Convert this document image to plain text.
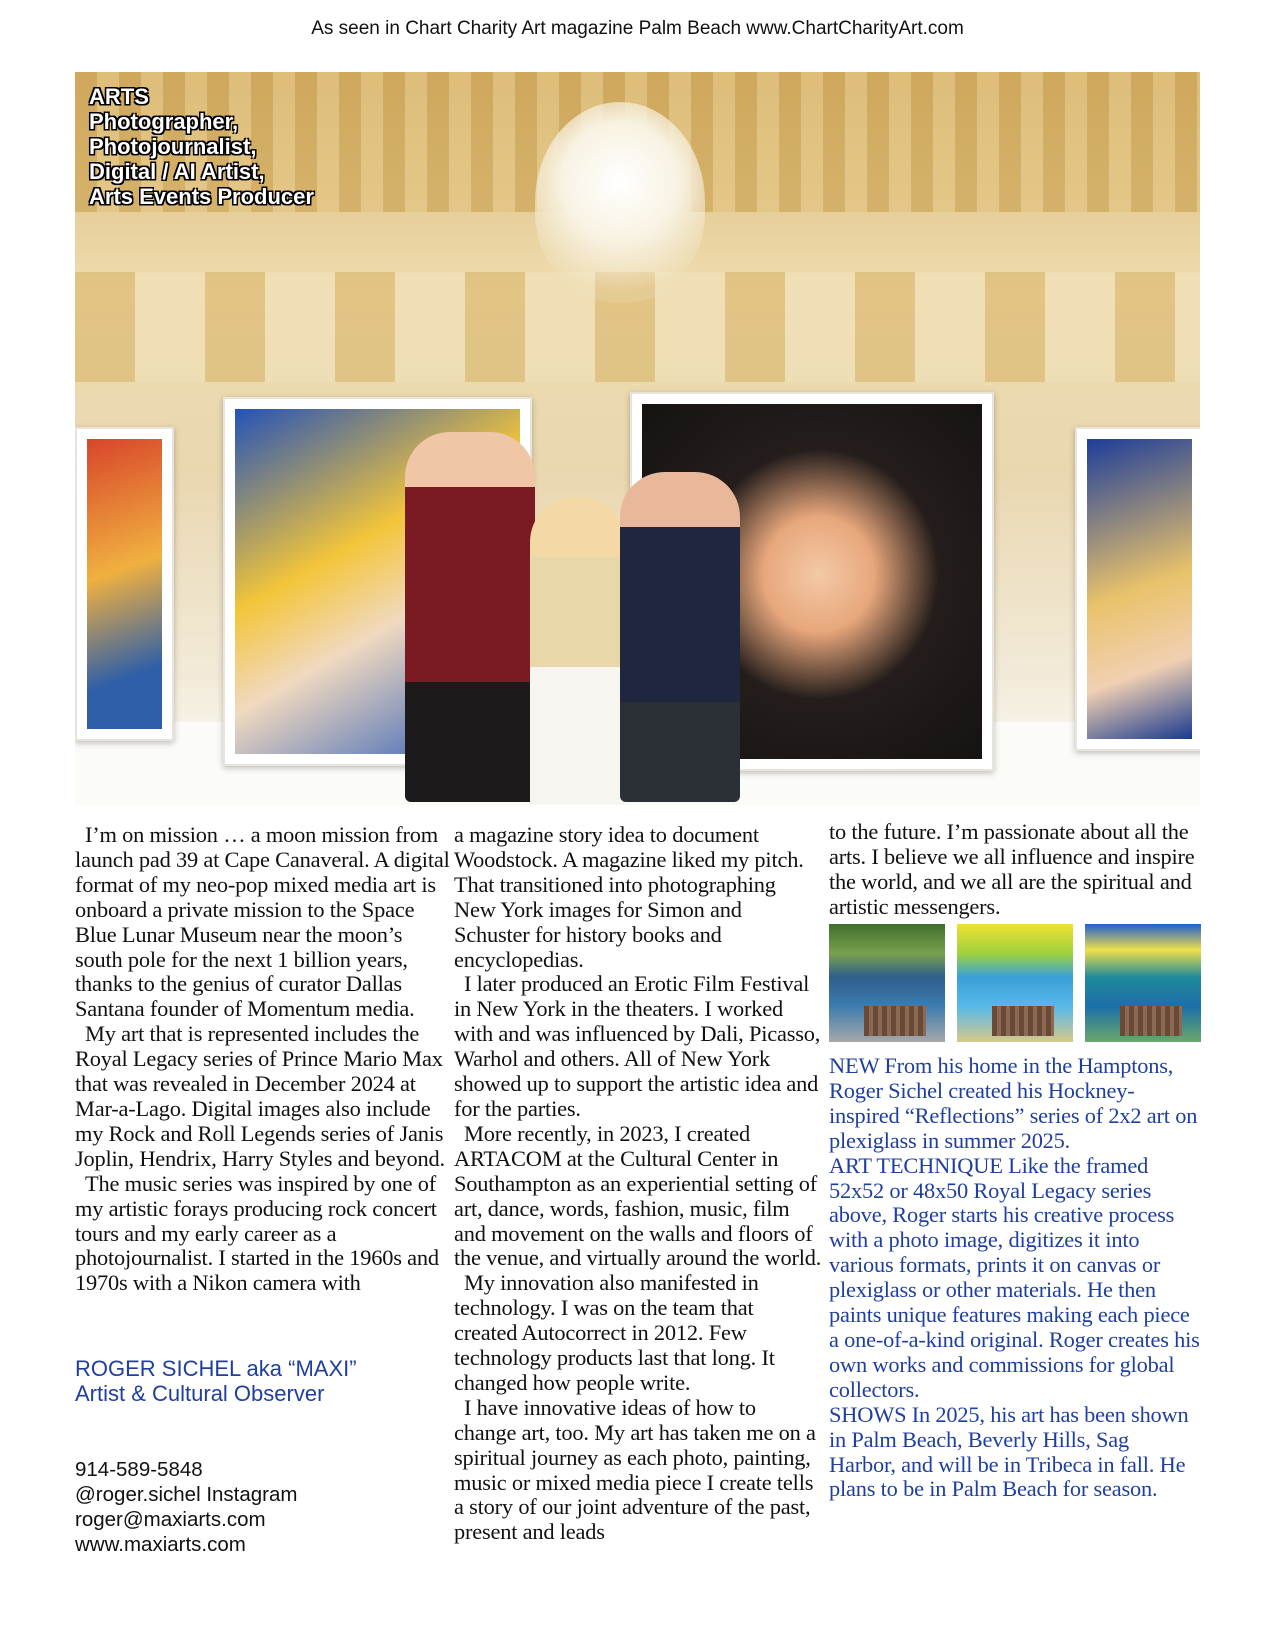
As seen in Chart Charity Art magazine Palm Beach www.ChartCharityArt.com
ARTS
Photographer,
Photojournalist,
Digital / AI Artist,
Arts Events Producer

I’m on mission … a moon mission from launch pad 39 at Cape Canaveral. A digital format of my neo-pop mixed media art is onboard a private mission to the Space Blue Lunar Museum near the moon’s south pole for the next 1 billion years, thanks to the genius of curator Dallas Santana founder of Momentum media.

My art that is represented includes the Royal Legacy series of Prince Mario Max that was revealed in December 2024 at Mar-a-Lago. Digital images also include my Rock and Roll Legends series of Janis Joplin, Hendrix, Harry Styles and beyond.

The music series was inspired by one of my artistic forays producing rock concert tours and my early career as a photojournalist. I started in the 1960s and 1970s with a Nikon camera with

ROGER SICHEL aka “MAXI”
Artist & Cultural Observer
914-589-5848
@roger.sichel Instagram
roger@maxiarts.com
www.maxiarts.com

a magazine story idea to document Woodstock. A magazine liked my pitch. That transitioned into photographing New York images for Simon and Schuster for history books and encyclopedias.

I later produced an Erotic Film Festival in New York in the theaters. I worked with and was influenced by Dali, Picasso, Warhol and others. All of New York showed up to support the artistic idea and for the parties.

More recently, in 2023, I created ARTACOM at the Cultural Center in Southampton as an experiential setting of art, dance, words, fashion, music, film and movement on the walls and floors of the venue, and virtually around the world.

My innovation also manifested in technology. I was on the team that created Autocorrect in 2012. Few technology products last that long. It changed how people write.

I have innovative ideas of how to change art, too. My art has taken me on a spiritual journey as each photo, painting, music or mixed media piece I create tells a story of our joint adventure of the past, present and leads

to the future. I’m passionate about all the arts. I believe we all influence and inspire the world, and we all are the spiritual and artistic messengers.

NEW From his home in the Hamptons, Roger Sichel created his Hockney-inspired “Reflections” series of 2x2 art on plexiglass in summer 2025.

ART TECHNIQUE Like the framed 52x52 or 48x50 Royal Legacy series above, Roger starts his creative process with a photo image, digitizes it into various formats, prints it on canvas or plexiglass or other materials. He then paints unique features making each piece a one-of-a-kind original. Roger creates his own works and commissions for global collectors.

SHOWS In 2025, his art has been shown in Palm Beach, Beverly Hills, Sag Harbor, and will be in Tribeca in fall. He plans to be in Palm Beach for season.
